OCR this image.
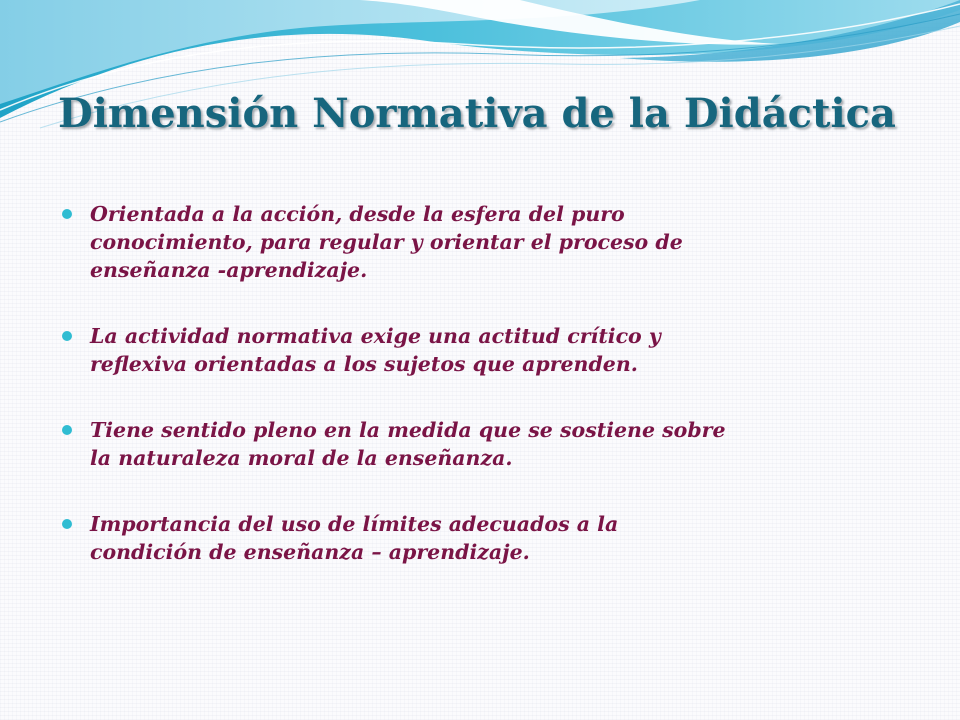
Dimensión Normativa de la Didáctica
Orientada a la acción, desde la esfera del puro
conocimiento, para regular y orientar el proceso de
enseñanza -aprendizaje.
La actividad normativa exige una actitud crítico y
reflexiva orientadas a los sujetos que aprenden.
Tiene sentido pleno en la medida que se sostiene sobre
la naturaleza moral de la enseñanza.
Importancia del uso de límites adecuados a la
condición de enseñanza – aprendizaje.
